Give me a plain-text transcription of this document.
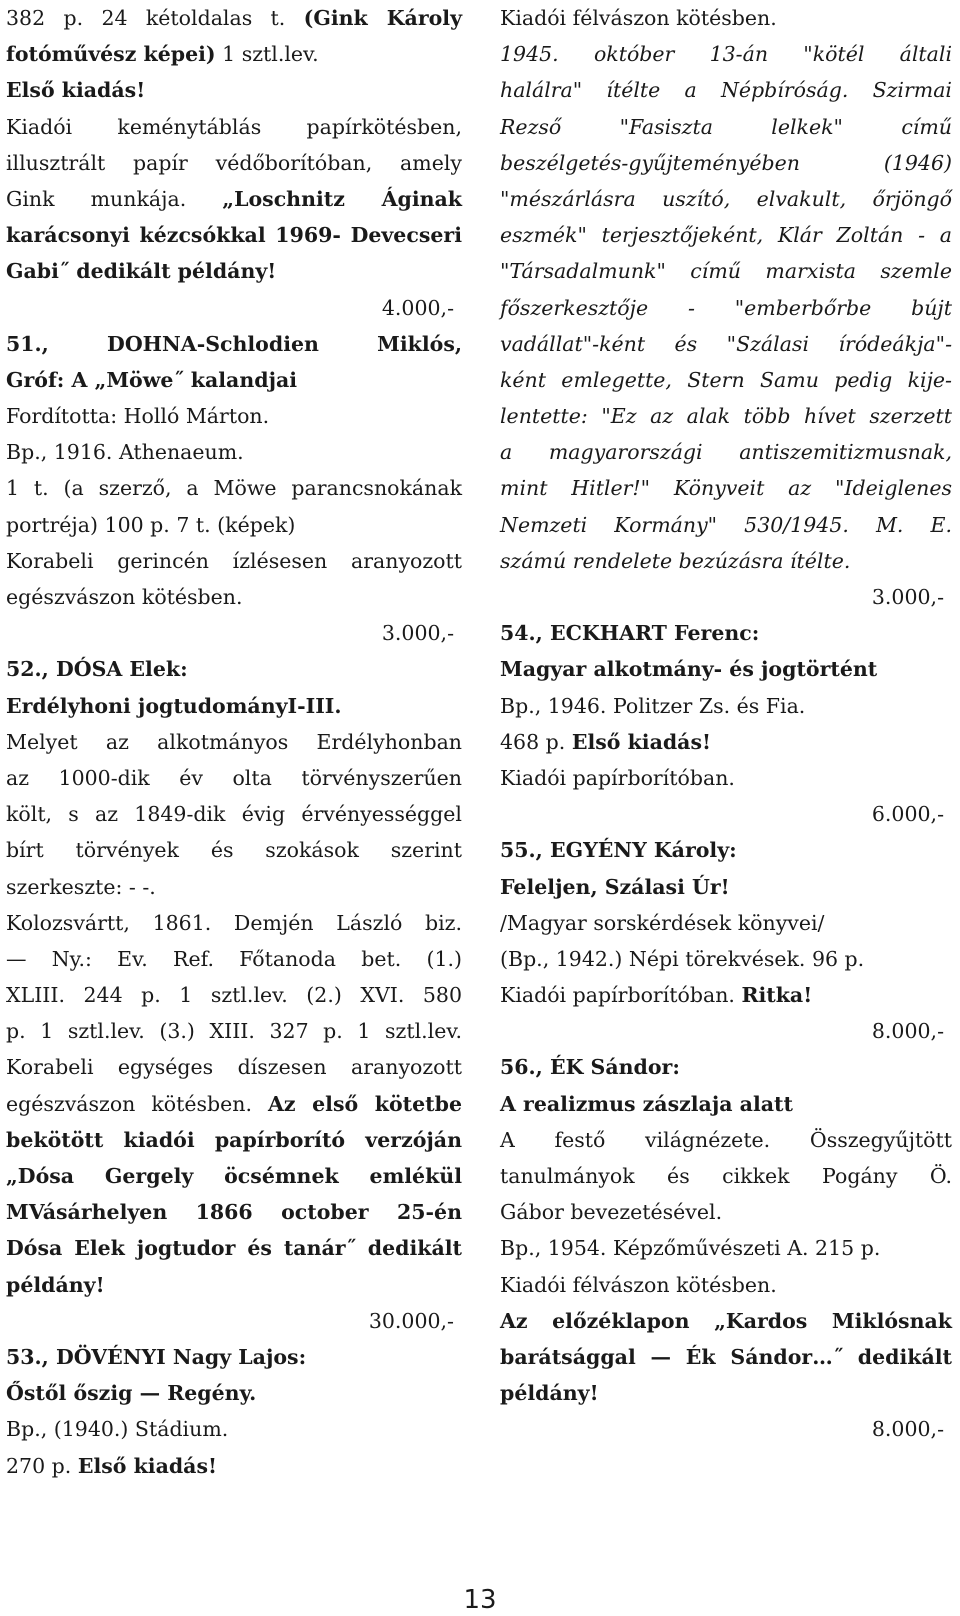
382 p. 24 kétoldalas t. (Gink Károly
fotóművész képei) 1 sztl.lev.
Első kiadás!
Kiadói keménytáblás papírkötésben,
illusztrált papír védőborítóban, amely
Gink munkája. „Loschnitz Áginak
karácsonyi kézcsókkal 1969- Devecseri
Gabi˝ dedikált példány!
4.000,-
51., DOHNA-Schlodien Miklós,
Gróf: A „Möwe˝ kalandjai
Fordította: Holló Márton.
Bp., 1916. Athenaeum.
1 t. (a szerző, a Möwe parancsnokának
portréja) 100 p. 7 t. (képek)
Korabeli gerincén ízlésesen aranyozott
egészvászon kötésben.
3.000,-
52., DÓSA Elek:
Erdélyhoni jogtudományI-III.
Melyet az alkotmányos Erdélyhonban
az 1000-dik év olta törvényszerűen
költ, s az 1849-dik évig érvényességgel
bírt törvények és szokások szerint
szerkeszte: - -.
Kolozsvártt, 1861. Demjén László biz.
— Ny.: Ev. Ref. Főtanoda bet. (1.)
XLIII. 244 p. 1 sztl.lev. (2.) XVI. 580
p. 1 sztl.lev. (3.) XIII. 327 p. 1 sztl.lev.
Korabeli egységes díszesen aranyozott
egészvászon kötésben. Az első kötetbe
bekötött kiadói papírborító verzóján
„Dósa Gergely öcsémnek emlékül
MVásárhelyen 1866 october 25-én
Dósa Elek jogtudor és tanár˝ dedikált
példány!
30.000,-
53., DÖVÉNYI Nagy Lajos:
Őstől őszig — Regény.
Bp., (1940.) Stádium.
270 p. Első kiadás!
Kiadói félvászon kötésben.
1945. október 13-án "kötél általi
halálra" ítélte a Népbíróság. Szirmai
Rezső "Fasiszta lelkek" című
beszélgetés-gyűjteményében (1946)
"mészárlásra uszító, elvakult, őrjöngő
eszmék" terjesztőjeként, Klár Zoltán - a
"Társadalmunk" című marxista szemle
főszerkesztője - "emberbőrbe bújt
vadállat"-ként és "Szálasi íródeákja"-
ként emlegette, Stern Samu pedig kije-
lentette: "Ez az alak több hívet szerzett
a magyarországi antiszemitizmusnak,
mint Hitler!" Könyveit az "Ideiglenes
Nemzeti Kormány" 530/1945. M. E.
számú rendelete bezúzásra ítélte.
3.000,-
54., ECKHART Ferenc:
Magyar alkotmány- és jogtörtént
Bp., 1946. Politzer Zs. és Fia.
468 p. Első kiadás!
Kiadói papírborítóban.
6.000,-
55., EGYÉNY Károly:
Feleljen, Szálasi Úr!
/Magyar sorskérdések könyvei/
(Bp., 1942.) Népi törekvések. 96 p.
Kiadói papírborítóban. Ritka!
8.000,-
56., ÉK Sándor:
A realizmus zászlaja alatt
A festő világnézete. Összegyűjtött
tanulmányok és cikkek Pogány Ö.
Gábor bevezetésével.
Bp., 1954. Képzőművészeti A. 215 p.
Kiadói félvászon kötésben.
Az előzéklapon „Kardos Miklósnak
barátsággal — Ék Sándor…˝ dedikált
példány!
8.000,-
13
